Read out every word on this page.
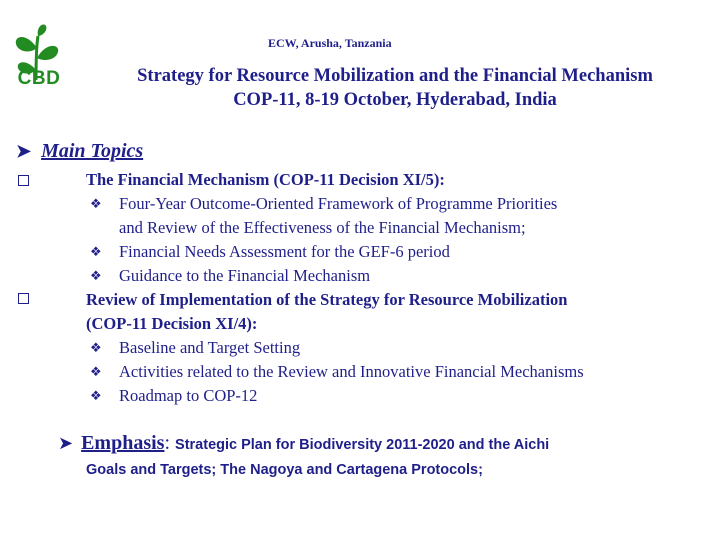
CBD
ECW, Arusha, Tanzania
Strategy for Resource Mobilization and the Financial Mechanism
COP-11, 8-19 October, Hyderabad, India
➤ Main Topics
The Financial Mechanism (COP-11 Decision XI/5):
❖ Four-Year Outcome-Oriented Framework of Programme Priorities
and Review of the Effectiveness of the Financial Mechanism;
❖ Financial Needs Assessment for the GEF-6 period
❖ Guidance to the Financial Mechanism
Review of Implementation of the Strategy for Resource Mobilization
(COP-11 Decision XI/4):
❖ Baseline and Target Setting
❖ Activities related to the Review and Innovative Financial Mechanisms
❖ Roadmap to COP-12
➤ Emphasis: Strategic Plan for Biodiversity 2011-2020 and the Aichi
Goals and Targets; The Nagoya and Cartagena Protocols;
